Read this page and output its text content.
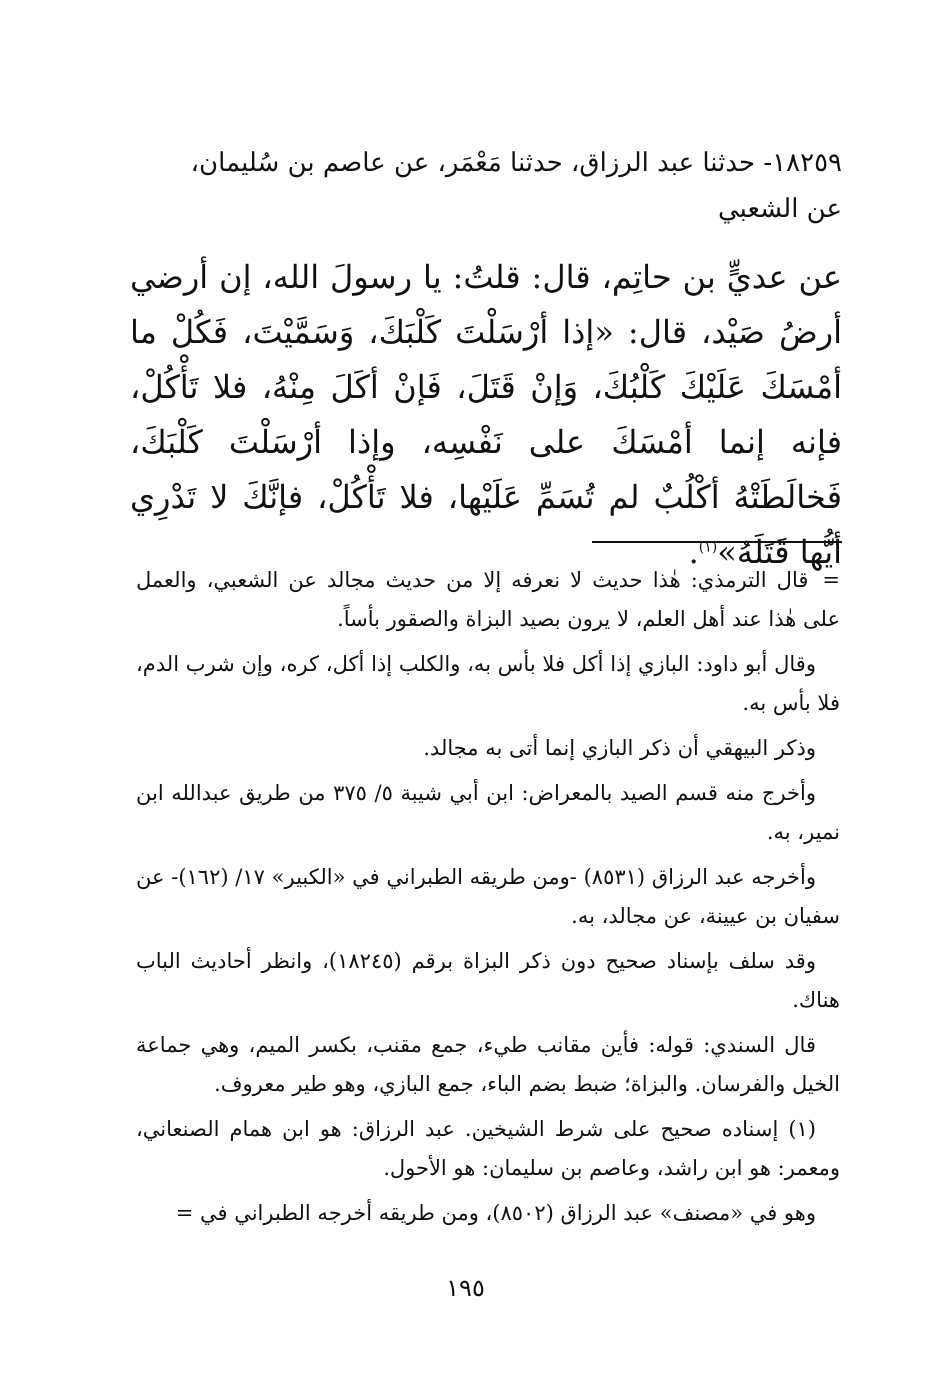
١٨٢٥٩- حدثنا عبد الرزاق، حدثنا مَعْمَر، عن عاصم بن سُليمان،

عن الشعبي

عن عديٍّ بن حاتِم، قال: قلتُ: يا رسولَ الله، إن أرضي أرضُ صَيْد، قال: «إذا أرْسَلْتَ كَلْبَكَ، وَسَمَّيْتَ، فَكُلْ ما أمْسَكَ عَلَيْكَ كَلْبُكَ، وَإنْ قَتَلَ، فَإنْ أكَلَ مِنْهُ، فلا تَأْكُلْ، فإنه إنما أمْسَكَ على نَفْسِه، وإذا أرْسَلْتَ كَلْبَكَ، فَخالَطَتْهُ أكْلُبٌ لم تُسَمِّ عَلَيْها، فلا تَأْكُلْ، فإنَّكَ لا تَدْرِي أيُّها قَتَلَهُ»$^{(١)}$.

=قال الترمذي: هٰذا حديث لا نعرفه إلا من حديث مجالد عن الشعبي، والعمل على هٰذا عند أهل العلم، لا يرون بصيد البزاة والصقور بأساً.

وقال أبو داود: البازي إذا أكل فلا بأس به، والكلب إذا أكل، كره، وإن شرب الدم، فلا بأس به.

وذكر البيهقي أن ذكر البازي إنما أتى به مجالد.

وأخرج منه قسم الصيد بالمعراض: ابن أبي شيبة ٥/ ٣٧٥ من طريق عبدالله ابن نمير، به.

وأخرجه عبد الرزاق (٨٥٣١) -ومن طريقه الطبراني في «الكبير» ١٧/ (١٦٢)- عن سفيان بن عيينة، عن مجالد، به.

وقد سلف بإسناد صحيح دون ذكر البزاة برقم (١٨٢٤٥)، وانظر أحاديث الباب هناك.

قال السندي: قوله: فأين مقانب طيء، جمع مقنب، بكسر الميم، وهي جماعة الخيل والفرسان. والبزاة؛ ضبط بضم الباء، جمع البازي، وهو طير معروف.

(١) إسناده صحيح على شرط الشيخين. عبد الرزاق: هو ابن همام الصنعاني، ومعمر: هو ابن راشد، وعاصم بن سليمان: هو الأحول.

وهو في «مصنف» عبد الرزاق (٨٥٠٢)، ومن طريقه أخرجه الطبراني في =

١٩٥
